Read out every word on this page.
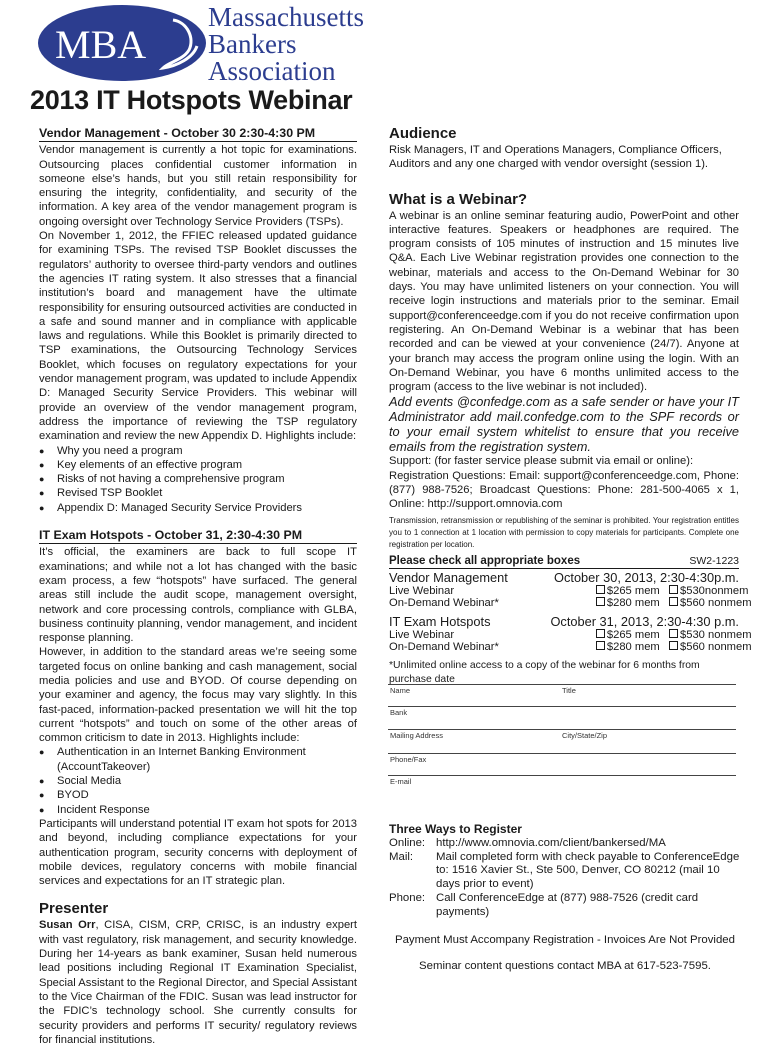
MBA
Massachusetts
Bankers
Association
2013 IT Hotspots Webinar
Vendor Management - October 30 2:30-4:30 PM

Vendor management is currently a hot topic for examinations. Outsourcing places confidential customer information in someone else’s hands, but you still retain responsibility for ensuring the integrity, confidentiality, and security of the information. A key area of the vendor management program is ongoing oversight over Technology Service Providers (TSPs).

On November 1, 2012, the FFIEC released updated guidance for examining TSPs. The revised TSP Booklet discusses the regulators’ authority to oversee third-party vendors and outlines the agencies IT rating system. It also stresses that a financial institution’s board and management have the ultimate responsibility for ensuring outsourced activities are conducted in a safe and sound manner and in compliance with applicable laws and regulations. While this Booklet is primarily directed to TSP examinations, the Outsourcing Technology Services Booklet, which focuses on regulatory expectations for your vendor management program, was updated to include Appendix D: Managed Security Service Providers. This webinar will provide an overview of the vendor management program, address the importance of reviewing the TSP regulatory examination and review the new Appendix D. Highlights include:

● Why you need a program
● Key elements of an effective program
● Risks of not having a comprehensive program
● Revised TSP Booklet
● Appendix D: Managed Security Service Providers
IT Exam Hotspots - October 31, 2:30-4:30 PM

It’s official, the examiners are back to full scope IT examinations; and while not a lot has changed with the basic exam process, a few “hotspots” have surfaced. The general areas still include the audit scope, management oversight, network and core processing controls, compliance with GLBA, business continuity planning, vendor management, and incident response planning.

However, in addition to the standard areas we’re seeing some targeted focus on online banking and cash management, social media policies and use and BYOD. Of course depending on your examiner and agency, the focus may vary slightly. In this fast-paced, information-packed presentation we will hit the top current “hotspots” and touch on some of the other areas of common criticism to date in 2013. Highlights include:

● Authentication in an Internet Banking Environment (AccountTakeover)
● Social Media
● BYOD
● Incident Response

Participants will understand potential IT exam hot spots for 2013 and beyond, including compliance expectations for your authentication program, security concerns with deployment of mobile devices, regulatory concerns with mobile financial services and expectations for an IT strategic plan.

Presenter

Susan Orr, CISA, CISM, CRP, CRISC, is an industry expert with vast regulatory, risk management, and security knowledge. During her 14-years as bank examiner, Susan held numerous lead positions including Regional IT Examination Specialist, Special Assistant to the Regional Director, and Special Assistant to the Vice Chairman of the FDIC. Susan was lead instructor for the FDIC’s technology school. She currently consults for security providers and performs IT security/ regulatory reviews for financial institutions.

Audience

Risk Managers, IT and Operations Managers, Compliance Officers, Auditors and any one charged with vendor oversight (session 1).

What is a Webinar?

A webinar is an online seminar featuring audio, PowerPoint and other interactive features. Speakers or headphones are required. The program consists of 105 minutes of instruction and 15 minutes live Q&A. Each Live Webinar registration provides one connection to the webinar, materials and access to the On-Demand Webinar for 30 days. You may have unlimited listeners on your connection. You will receive login instructions and materials prior to the seminar. Email support@conferenceedge.com if you do not receive confirmation upon registering. An On-Demand Webinar is a webinar that has been recorded and can be viewed at your convenience (24/7). Anyone at your branch may access the program online using the login. With an On-Demand Webinar, you have 6 months unlimited access to the program (access to the live webinar is not included).

Add events @confedge.com as a safe sender or have your IT Administrator add mail.confedge.com to the SPF records or to your email system whitelist to ensure that you receive emails from the registration system.

Support: (for faster service please submit via email or online):

Registration Questions: Email: support@conferenceedge.com, Phone: (877) 988-7526; Broadcast Questions: Phone: 281-500-4065 x 1, Online: http://support.omnovia.com

Transmission, retransmission or republishing of the seminar is prohibited. Your registration entitles you to 1 connection at 1 location with permission to copy materials for participants. Complete one registration per location.

Please check all appropriate boxes	SW2-1223
Vendor Management	October 30, 2013, 2:30-4:30p.m.
Live Webinar	$265 mem $530nonmem
On-Demand Webinar*	$280 mem $560 nonmem
IT Exam Hotspots	October 31, 2013, 2:30-4:30 p.m.
Live Webinar	$265 mem $530 nonmem
On-Demand Webinar*	$280 mem $560 nonmem

*Unlimited online access to a copy of the webinar for 6 months from purchase date

Name	Title
Bank
Mailing Address	City/State/Zip
Phone/Fax
E-mail
Three Ways to Register
Online: http://www.omnovia.com/client/bankersed/MA
Mail:	Mail completed form with check payable to ConferenceEdge to: 1516 Xavier St., Ste 500, Denver, CO 80212 (mail 10 days prior to event)
Phone: Call ConferenceEdge at (877) 988-7526 (credit card payments)
Payment Must Accompany Registration - Invoices Are Not Provided
Seminar content questions contact MBA at 617-523-7595.
